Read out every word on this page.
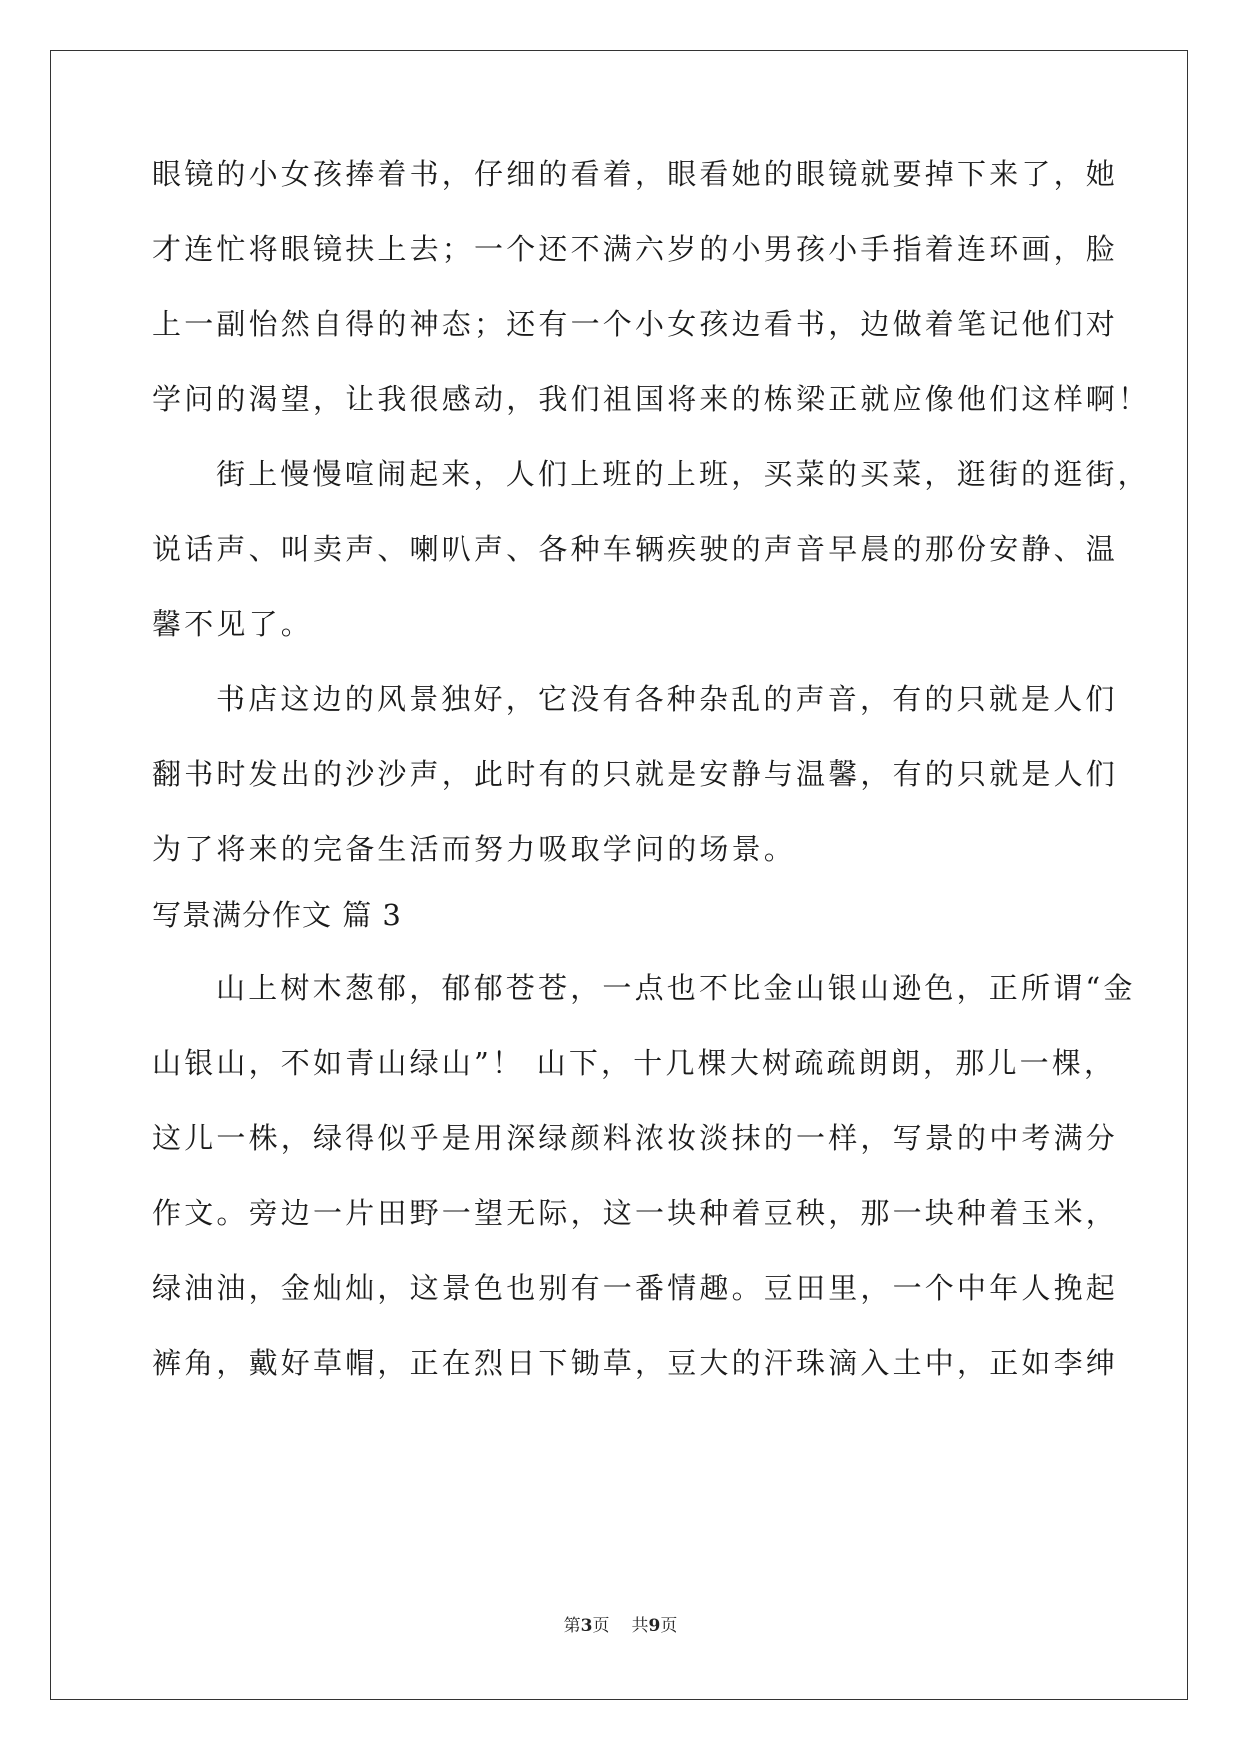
眼镜的小女孩捧着书，仔细的看着，眼看她的眼镜就要掉下来了，她
才连忙将眼镜扶上去；一个还不满六岁的小男孩小手指着连环画，脸
上一副怡然自得的神态；还有一个小女孩边看书，边做着笔记他们对
学问的渴望，让我很感动，我们祖国将来的栋梁正就应像他们这样啊！
街上慢慢喧闹起来，人们上班的上班，买菜的买菜，逛街的逛街，
说话声、叫卖声、喇叭声、各种车辆疾驶的声音早晨的那份安静、温
馨不见了。
书店这边的风景独好，它没有各种杂乱的声音，有的只就是人们
翻书时发出的沙沙声，此时有的只就是安静与温馨，有的只就是人们
为了将来的完备生活而努力吸取学问的场景。
写景满分作文 篇 3
山上树木葱郁，郁郁苍苍，一点也不比金山银山逊色，正所谓“金
山银山，不如青山绿山”！ 山下，十几棵大树疏疏朗朗，那儿一棵，
这儿一株，绿得似乎是用深绿颜料浓妆淡抹的一样，写景的中考满分
作文。旁边一片田野一望无际，这一块种着豆秧，那一块种着玉米，
绿油油，金灿灿，这景色也别有一番情趣。豆田里，一个中年人挽起
裤角，戴好草帽，正在烈日下锄草，豆大的汗珠滴入土中，正如李绅
第3页 共9页
